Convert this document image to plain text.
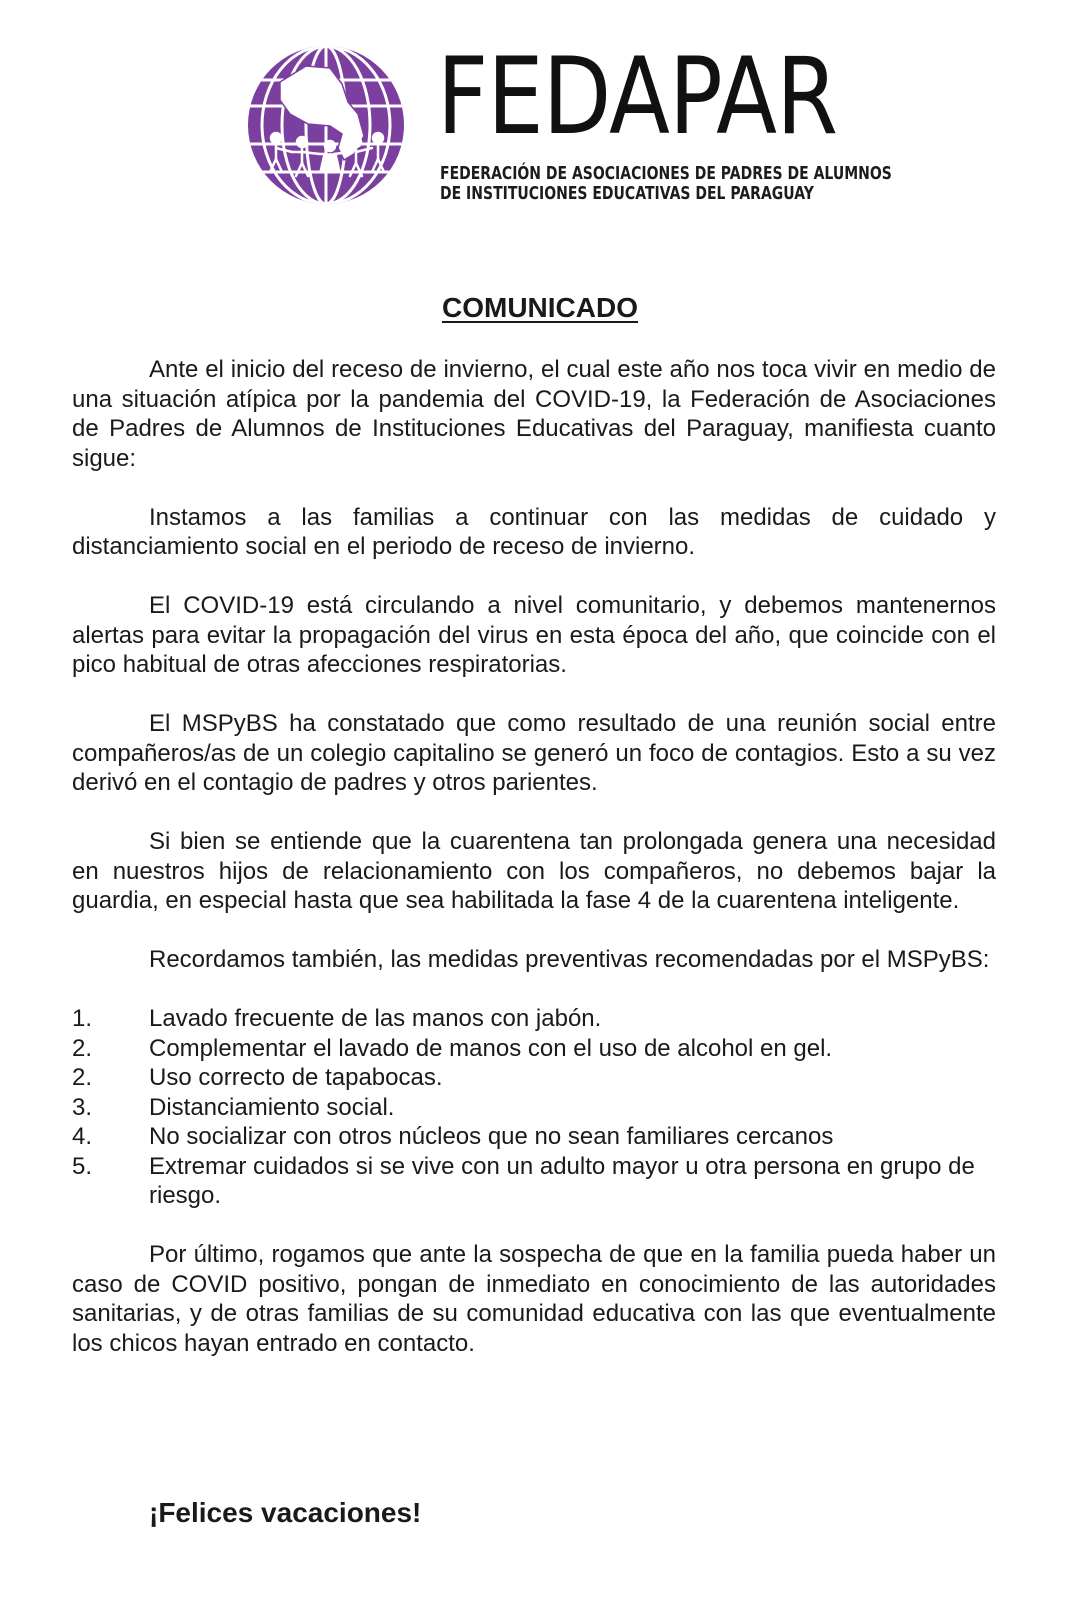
FEDAPAR
FEDERACIÓN DE ASOCIACIONES DE PADRES DE ALUMNOS
DE INSTITUCIONES EDUCATIVAS DEL PARAGUAY
COMUNICADO

Ante el inicio del receso de invierno, el cual este año nos toca vivir en medio de una situación atípica por la pandemia del COVID-19, la Federación de Asociaciones de Padres de Alumnos de Instituciones Educativas del Paraguay, manifiesta cuanto sigue:

Instamos a las familias a continuar con las medidas de cuidado y distanciamiento social en el periodo de receso de invierno.

El COVID-19 está circulando a nivel comunitario, y debemos mantenernos alertas para evitar la propagación del virus en esta época del año, que coincide con el pico habitual de otras afecciones respiratorias.

El MSPyBS ha constatado que como resultado de una reunión social entre compañeros/as de un colegio capitalino se generó un foco de contagios. Esto a su vez derivó en el contagio de padres y otros parientes.

Si bien se entiende que la cuarentena tan prolongada genera una necesidad en nuestros hijos de relacionamiento con los compañeros, no debemos bajar la guardia, en especial hasta que sea habilitada la fase 4 de la cuarentena inteligente.

Recordamos también, las medidas preventivas recomendadas por el MSPyBS:

1. Lavado frecuente de las manos con jabón.
2. Complementar el lavado de manos con el uso de alcohol en gel.
2. Uso correcto de tapabocas.
3. Distanciamiento social.
4. No socializar con otros núcleos que no sean familiares cercanos
5. Extremar cuidados si se vive con un adulto mayor u otra persona en grupo de riesgo.

Por último, rogamos que ante la sospecha de que en la familia pueda haber un caso de COVID positivo, pongan de inmediato en conocimiento de las autoridades sanitarias, y de otras familias de su comunidad educativa con las que eventualmente los chicos hayan entrado en contacto.

¡Felices vacaciones!
